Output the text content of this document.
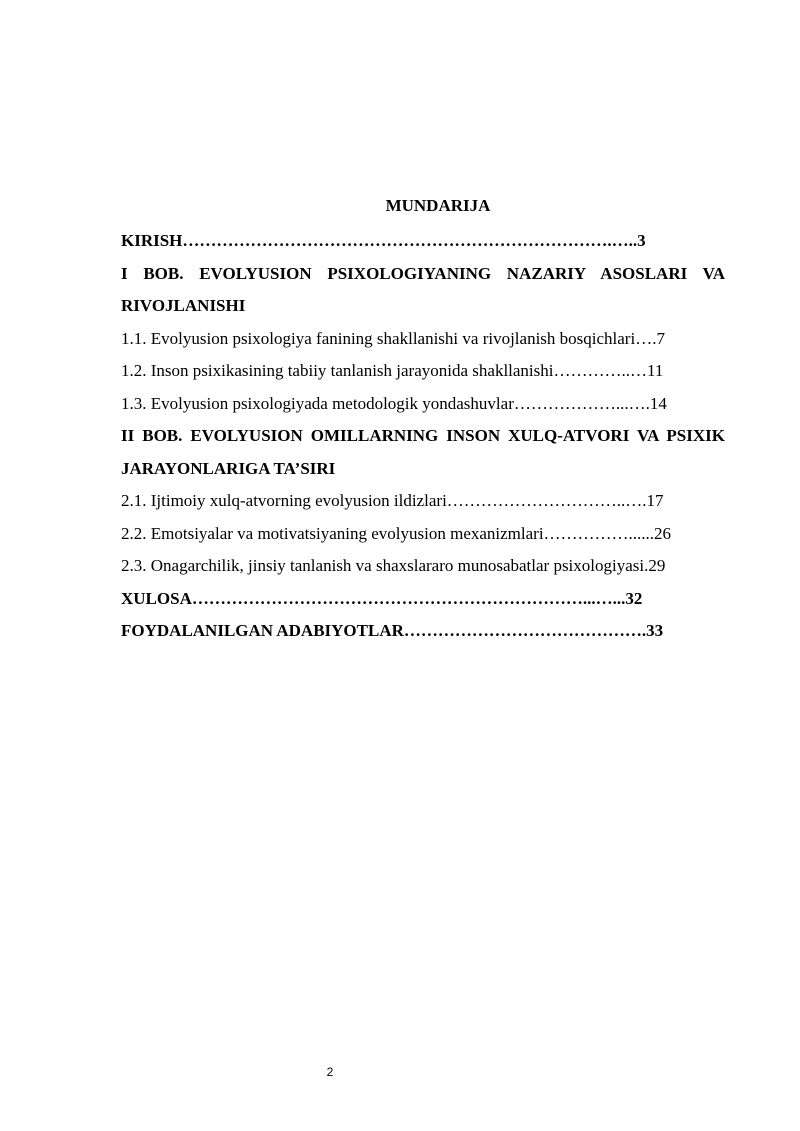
MUNDARIJA
KIRISH………………………………………………………………….…..3
I BOB. EVOLYUSION PSIXOLOGIYANING NAZARIY ASOSLARI VA RIVOJLANISHI
1.1. Evolyusion psixologiya fanining shakllanishi va rivojlanish bosqichlari….7
1.2. Inson psixikasining tabiiy tanlanish jarayonida shakllanishi…………..…11
1.3. Evolyusion psixologiyada metodologik yondashuvlar………………...….14
II BOB. EVOLYUSION OMILLARNING INSON XULQ-ATVORI VA PSIXIK JARAYONLARIGA TA’SIRI
2.1. Ijtimoiy xulq-atvorning evolyusion ildizlari…………………………..….17
2.2. Emotsiyalar va motivatsiyaning evolyusion mexanizmlari……………......26
2.3. Onagarchilik, jinsiy tanlanish va shaxslararo munosabatlar psixologiyasi.29
XULOSA……………………………………………………………...…...32
FOYDALANILGAN ADABIYOTLAR…………………………………….33
2
